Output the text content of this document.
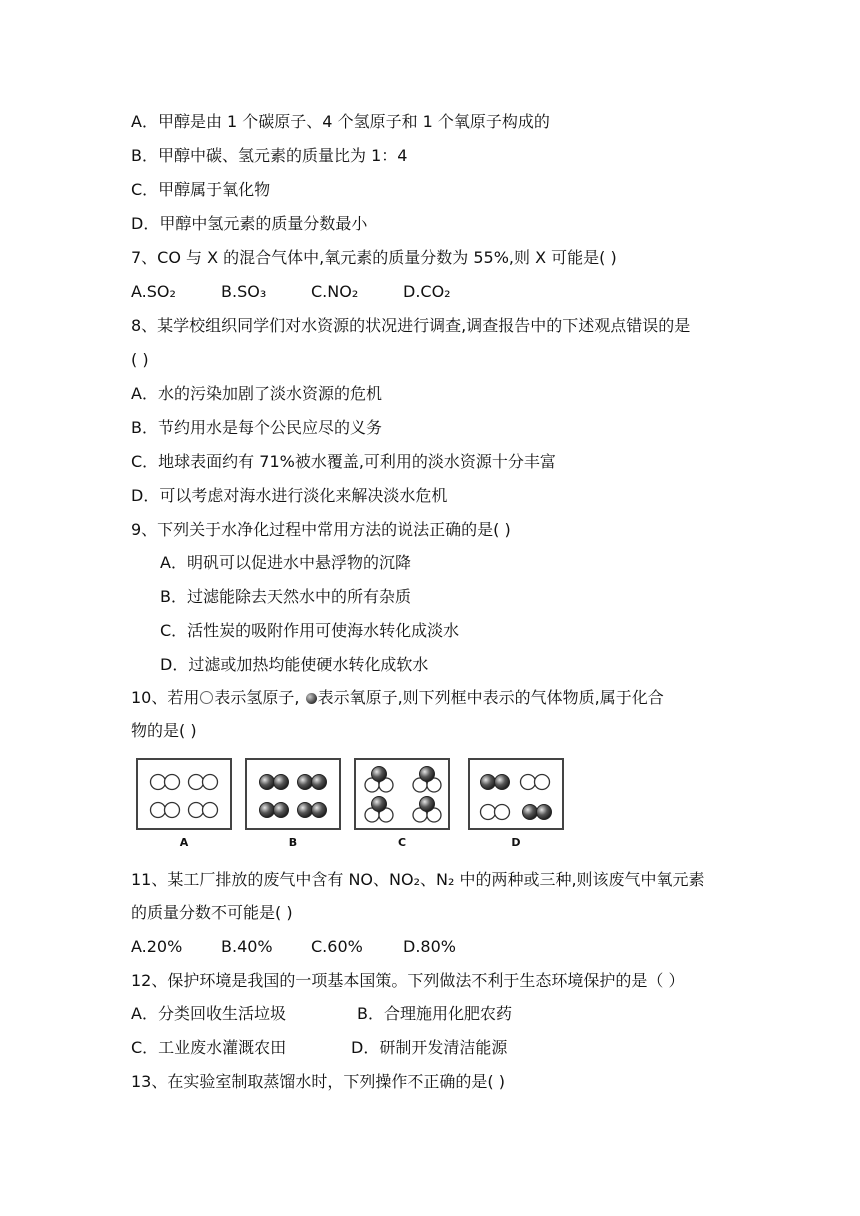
A．甲醇是由 1 个碳原子、4 个氢原子和 1 个氧原子构成的
B．甲醇中碳、氢元素的质量比为 1：4
C．甲醇属于氧化物
D．甲醇中氢元素的质量分数最小
7、CO 与 X 的混合气体中,氧元素的质量分数为 55%,则 X 可能是( )
A.SO₂	B.SO₃	C.NO₂	D.CO₂
8、某学校组织同学们对水资源的状况进行调查,调查报告中的下述观点错误的是
( )
A．水的污染加剧了淡水资源的危机
B．节约用水是每个公民应尽的义务
C．地球表面约有 71%被水覆盖,可利用的淡水资源十分丰富
D．可以考虑对海水进行淡化来解决淡水危机
9、下列关于水净化过程中常用方法的说法正确的是( )
A．明矾可以促进水中悬浮物的沉降
B．过滤能除去天然水中的所有杂质
C．活性炭的吸附作用可使海水转化成淡水
D．过滤或加热均能使硬水转化成软水
10、若用 表示氢原子, 表示氧原子,则下列框中表示的气体物质,属于化合
物的是( )
A	B	C	D
11、某工厂排放的废气中含有 NO、NO₂、N₂ 中的两种或三种,则该废气中氧元素
的质量分数不可能是( )
A.20% B.40% C.60%	D.80%
12、保护环境是我国的一项基本国策。下列做法不利于生态环境保护的是（ ）
A．分类回收生活垃圾	B．合理施用化肥农药
C．工业废水灌溉农田	D．研制开发清洁能源
13、在实验室制取蒸馏水时，下列操作不正确的是( )
